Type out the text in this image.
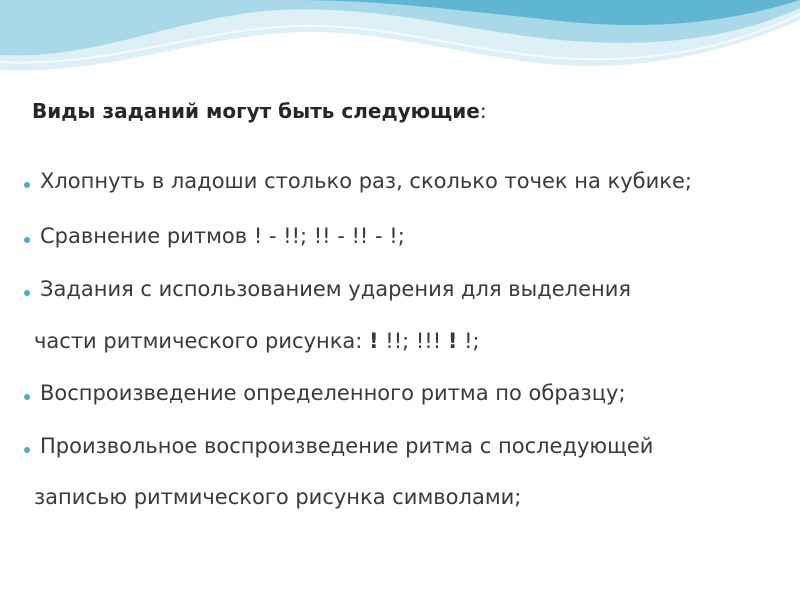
Виды заданий могут быть следующие:
Хлопнуть в ладоши столько раз, сколько точек на кубике;
Сравнение ритмов ! - !!; !! - !! - !;
Задания с использованием ударения для выделения
части ритмического рисунка: ! !!; !!! ! !;
Воспроизведение определенного ритма по образцу;
Произвольное воспроизведение ритма с последующей
записью ритмического рисунка символами;
